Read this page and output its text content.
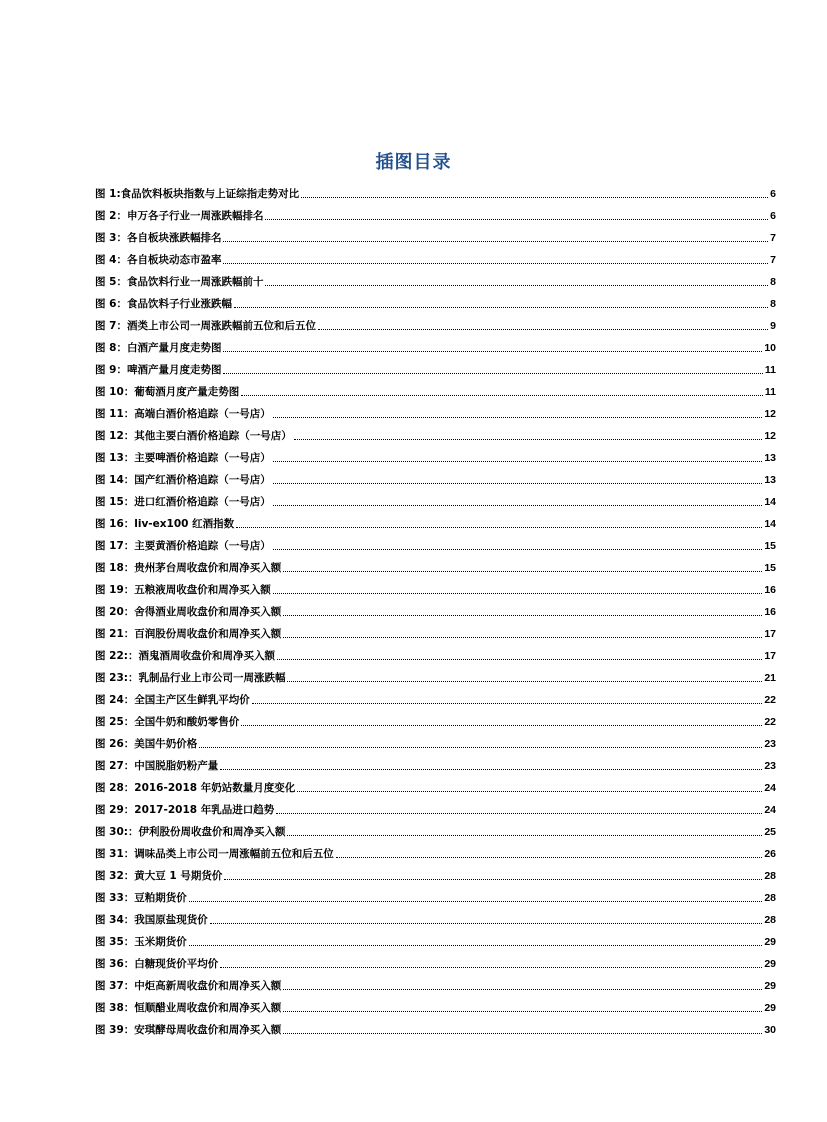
插图目录
图 1:食品饮料板块指数与上证综指走势对比	6
图 2：申万各子行业一周涨跌幅排名	6
图 3：各自板块涨跌幅排名	7
图 4：各自板块动态市盈率	7
图 5：食品饮料行业一周涨跌幅前十	8
图 6：食品饮料子行业涨跌幅	8
图 7：酒类上市公司一周涨跌幅前五位和后五位	9
图 8：白酒产量月度走势图	10
图 9：啤酒产量月度走势图	11
图 10：葡萄酒月度产量走势图	11
图 11：高端白酒价格追踪（一号店）	12
图 12：其他主要白酒价格追踪（一号店）	12
图 13：主要啤酒价格追踪（一号店）	13
图 14：国产红酒价格追踪（一号店）	13
图 15：进口红酒价格追踪（一号店）	14
图 16：liv-ex100 红酒指数	14
图 17：主要黄酒价格追踪（一号店）	15
图 18：贵州茅台周收盘价和周净买入额	15
图 19：五粮液周收盘价和周净买入额	16
图 20：舍得酒业周收盘价和周净买入额	16
图 21：百润股份周收盘价和周净买入额	17
图 22:：酒鬼酒周收盘价和周净买入额	17
图 23:：乳制品行业上市公司一周涨跌幅	21
图 24：全国主产区生鲜乳平均价	22
图 25：全国牛奶和酸奶零售价	22
图 26：美国牛奶价格	23
图 27：中国脱脂奶粉产量	23
图 28：2016-2018 年奶站数量月度变化	24
图 29：2017-2018 年乳品进口趋势	24
图 30:：伊利股份周收盘价和周净买入额	25
图 31：调味品类上市公司一周涨幅前五位和后五位	26
图 32：黄大豆 1 号期货价	28
图 33：豆粕期货价	28
图 34：我国原盐现货价	28
图 35：玉米期货价	29
图 36：白糖现货价平均价	29
图 37：中炬高新周收盘价和周净买入额	29
图 38：恒顺醋业周收盘价和周净买入额	29
图 39：安琪酵母周收盘价和周净买入额	30
